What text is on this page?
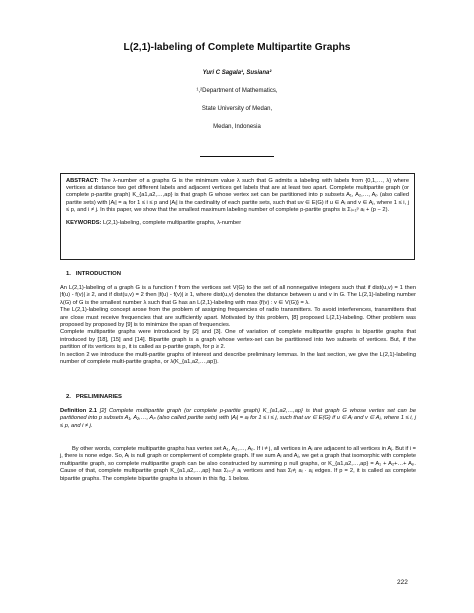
L(2,1)-labeling of Complete Multipartite Graphs
Yuri C Sagala¹, Susiana²
¹,²Department of Mathematics,
State University of Medan,
Medan, Indonesia
ABSTRACT: The λ-number of a graphs G is the minimum value λ such that G admits a labeling with labels from {0,1,…, λ} where vertices at distance two get different labels and adjacent vertices get labels that are at least two apart. Complete multipartite graph (or complete p-partite graph) K_{a1,a2,…,ap} is that graph G whose vertex set can be partitioned into p subsets A₁, A₂,…, Aₚ (also called partite sets) with |Aᵢ| = aᵢ for 1 ≤ i ≤ p and |Aᵢ| is the cardinality of each partite sets, such that uv ∈ E(G) if u ∈ Aᵢ and v ∈ Aⱼ, where 1 ≤ i, j ≤ p, and i ≠ j. In this paper, we show that the smallest maximum labeling number of complete p-partite graphs is Σᵢ₌₁ᵖ aᵢ + (p − 2).
KEYWORDS: L(2,1)-labeling, complete multipartite graphs, λ-number
1. INTRODUCTION
An L(2,1)-labeling of a graph G is a function f from the vertices set V(G) to the set of all nonnegative integers such that if dist(u,v) = 1 then |f(u) - f(v)| ≥ 2, and if dist(u,v) = 2 then |f(u) - f(v)| ≥ 1, where dist(u,v) denotes the distance between u and v in G. The L(2,1)-labeling number λ(G) of G is the smallest number λ such that G has an L(2,1)-labeling with max {f(v) : v ∈ V(G)} = λ.
The L(2,1)-labeling concept arose from the problem of assigning frequencies of radio transmitters. To avoid interferences, transmitters that are close must receive frequencies that are sufficiently apart. Motivated by this problem, [8] proposed L(2,1)-labeling. Other problem was proposed by proposed by [9] is to minimize the span of frequencies.
Complete multipartite graphs were introduced by [2] and [3]. One of variation of complete multipartite graphs is bipartite graphs that introduced by [18], [15] and [14]. Bipartite graph is a graph whose vertex-set can be partitioned into two subsets of vertices. But, if the partition of its vertices is p, it is called as p-partite graph, for p ≥ 2.
In section 2 we introduce the multi-partite graphs of interest and describe preliminary lemmas. In the last section, we give the L(2,1)-labeling number of complete multi-partite graphs, or λ(K_{a1,a2,…,ap}).
2. PRELIMINARIES
Definition 2.1 [2] Complete multipartite graph (or complete p-partite graph) K_{a1,a2,…,ap} is that graph G whose vertex set can be partitioned into p subsets A₁, A₂,…, Aₚ (also called partite sets) with |Aᵢ| = aᵢ for 1 ≤ i ≤ j, such that uv ∈ E(G) if u ∈ Aᵢ and v ∈ Aⱼ, where 1 ≤ i, j ≤ p, and i ≠ j.
By other words, complete multipartite graphs has vertex set A₁, A₂,…, Aₚ. If i ≠ j, all vertices in Aᵢ are adjacent to all vertices in Aⱼ. But if i = j, there is none edge. So, Aᵢ is null graph or complement of complete graph. If we sum Aᵢ and Aⱼ, we get a graph that isomorphic with complete multipartite graph, so complete multipartite graph can be also constructed by summing p null graphs, or K_{a1,a2,…,ap} = A₁ + A₂+…+ Aₚ. Cause of that, complete multipartite graph K_{a1,a2,…,ap} has Σᵢ₌₁ᵖ aᵢ vertices and has Σᵢ≠ⱼ aᵢ · aⱼ edges. If p = 2, it is called as complete bipartite graphs. The complete bipartite graphs is shown in this fig. 1 below.
222
